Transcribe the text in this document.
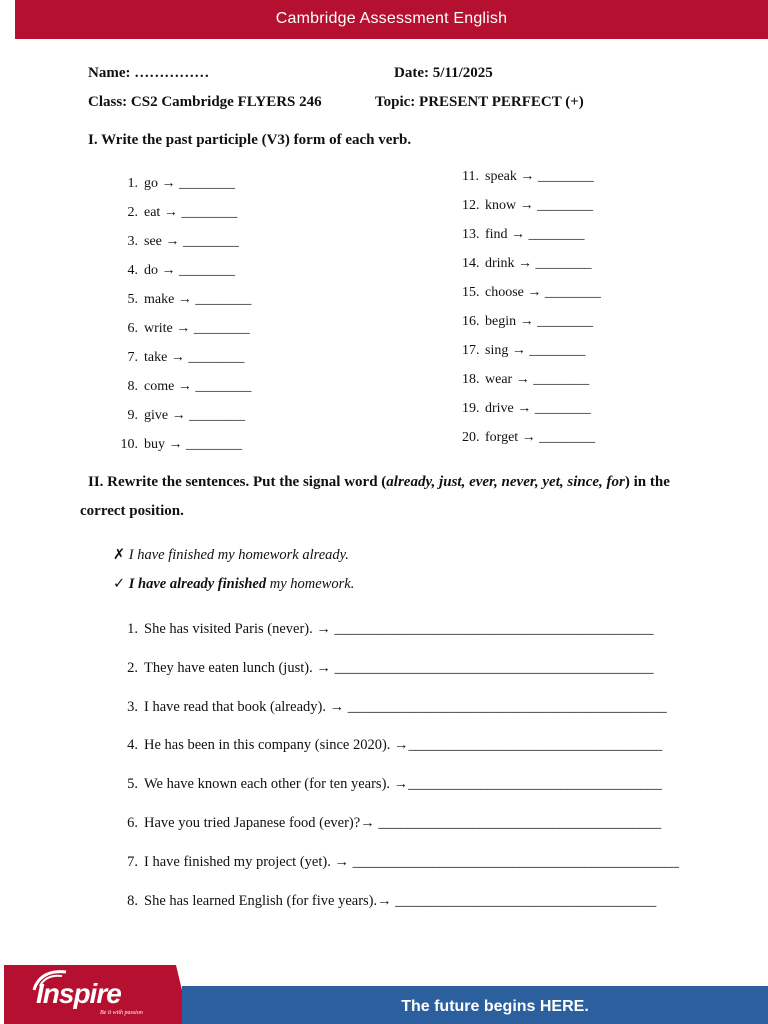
Cambridge Assessment English
Name: ……………	Date: 5/11/2025
Class: CS2 Cambridge FLYERS 246	Topic: PRESENT PERFECT (+)
I. Write the past participle (V3) form of each verb.
1. go → ________
2. eat → ________
3. see → ________
4. do → ________
5. make → ________
6. write → ________
7. take → ________
8. come → ________
9. give → ________
10. buy → ________
11. speak → ________
12. know → ________
13. find → ________
14. drink → ________
15. choose → ________
16. begin → ________
17. sing → ________
18. wear → ________
19. drive → ________
20. forget → ________
II. Rewrite the sentences. Put the signal word (already, just, ever, never, yet, since, for) in the
correct position.
✗ I have finished my homework already.
✓ I have already finished my homework.
1. She has visited Paris (never). → ____________________________________________
2. They have eaten lunch (just). → ____________________________________________
3. I have read that book (already). → ____________________________________________
4. He has been in this company (since 2020). →___________________________________
5. We have known each other (for ten years). →___________________________________
6. Have you tried Japanese food (ever)?→ _______________________________________
7. I have finished my project (yet). → _____________________________________________
8. She has learned English (for five years).→ ____________________________________
Inspire
Be it with passion	The future begins HERE.
